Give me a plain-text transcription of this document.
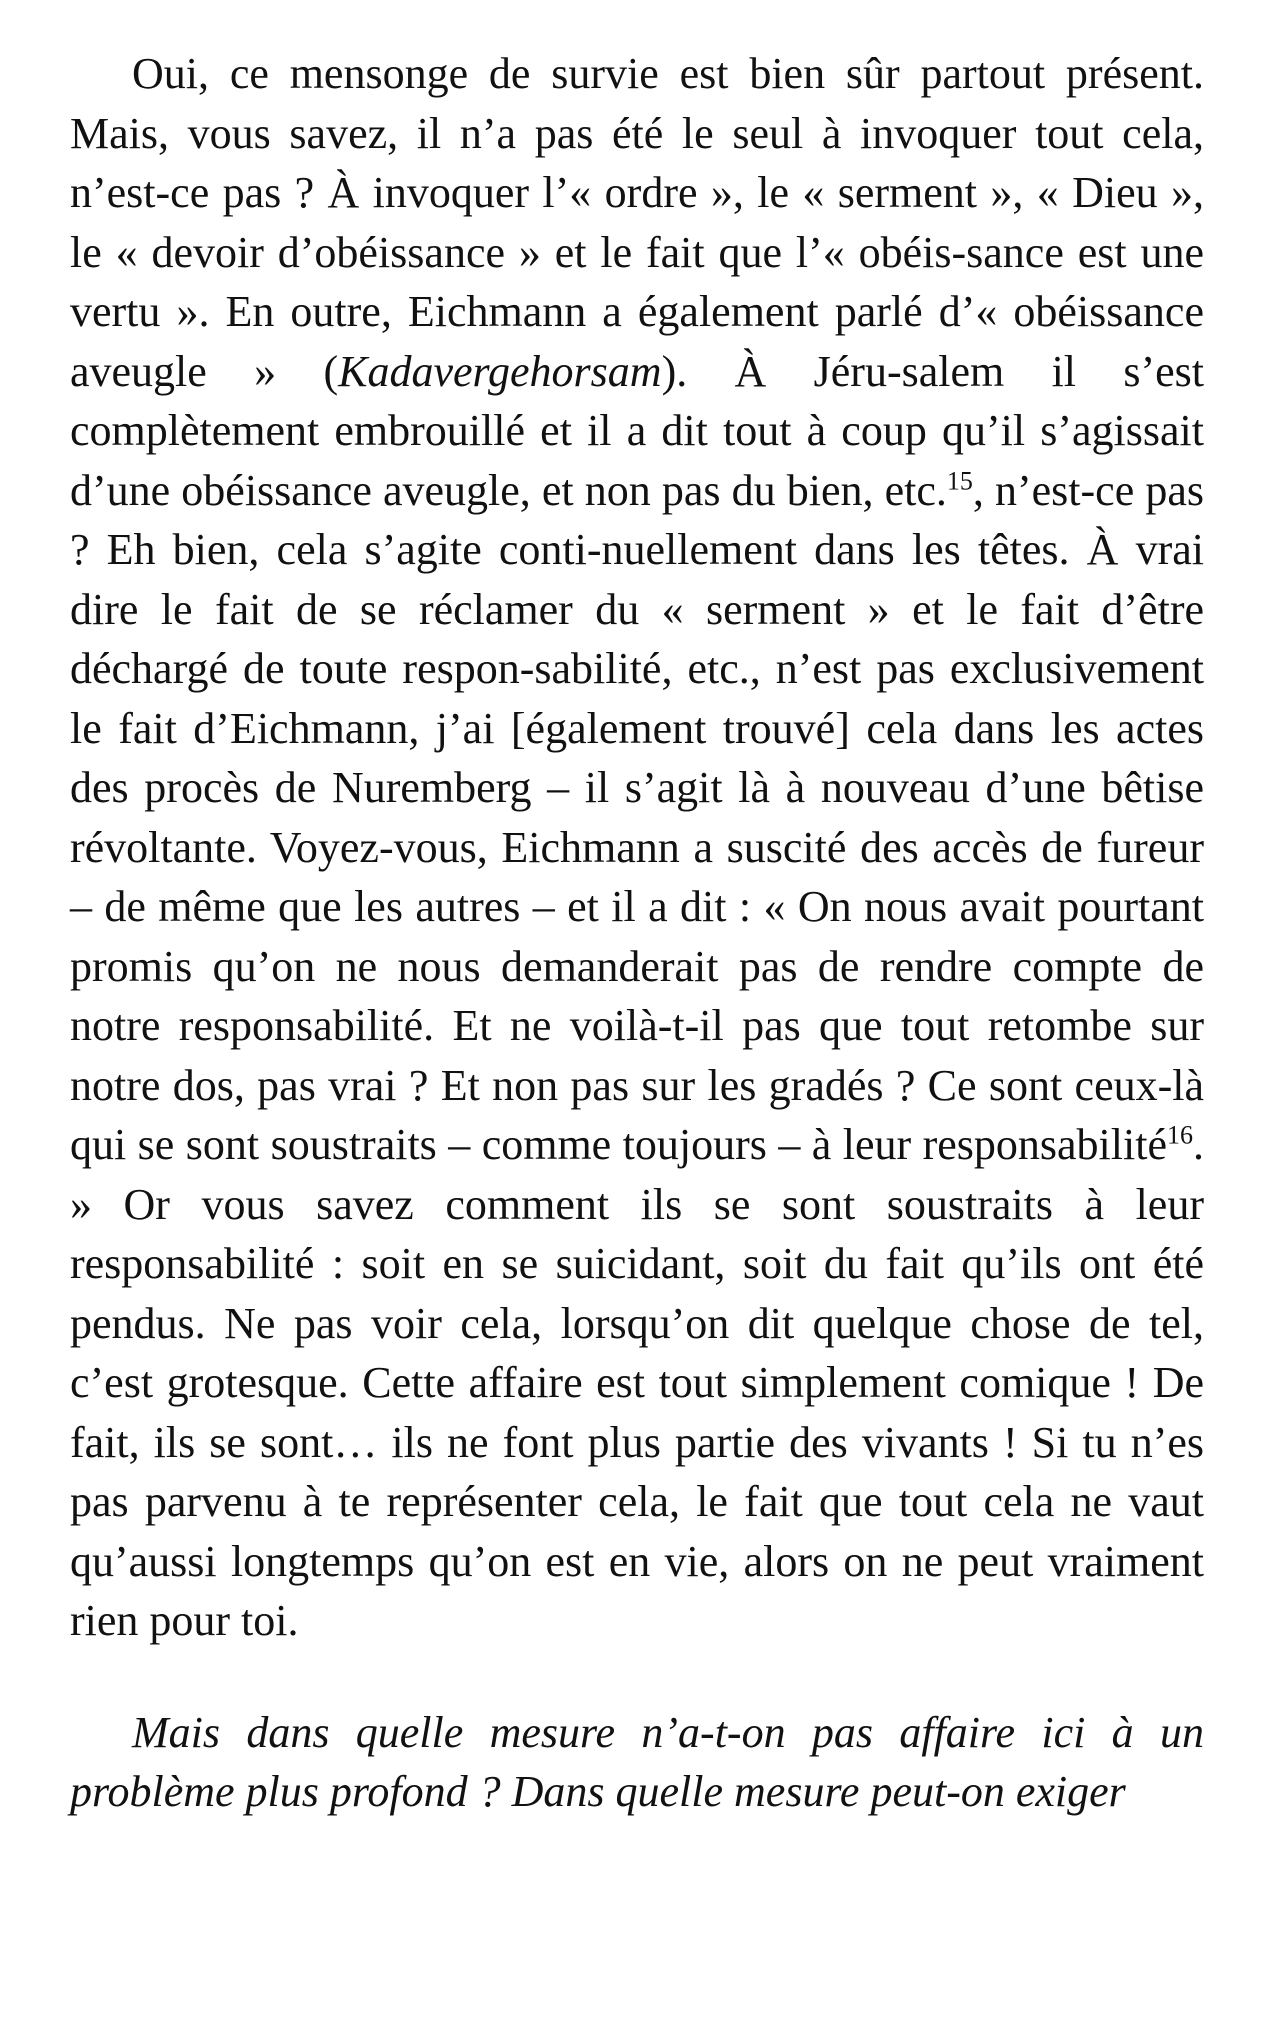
Oui, ce mensonge de survie est bien sûr partout présent. Mais, vous savez, il n’a pas été le seul à invoquer tout cela, n’est-ce pas ? À invoquer l’« ordre », le « serment », « Dieu », le « devoir d’obéissance » et le fait que l’« obéis-sance est une vertu ». En outre, Eichmann a également parlé d’« obéissance aveugle » (Kadavergehorsam). À Jéru-salem il s’est complètement embrouillé et il a dit tout à coup qu’il s’agissait d’une obéissance aveugle, et non pas du bien, etc.$^{15}$, n’est-ce pas ? Eh bien, cela s’agite conti-nuellement dans les têtes. À vrai dire le fait de se réclamer du « serment » et le fait d’être déchargé de toute respon-sabilité, etc., n’est pas exclusivement le fait d’Eichmann, j’ai [également trouvé] cela dans les actes des procès de Nuremberg – il s’agit là à nouveau d’une bêtise révoltante. Voyez-vous, Eichmann a suscité des accès de fureur – de même que les autres – et il a dit : « On nous avait pourtant promis qu’on ne nous demanderait pas de rendre compte de notre responsabilité. Et ne voilà-t-il pas que tout retombe sur notre dos, pas vrai ? Et non pas sur les gradés ? Ce sont ceux-là qui se sont soustraits – comme toujours – à leur responsabilité$^{16}$. » Or vous savez comment ils se sont soustraits à leur responsabilité : soit en se suicidant, soit du fait qu’ils ont été pendus. Ne pas voir cela, lorsqu’on dit quelque chose de tel, c’est grotesque. Cette affaire est tout simplement comique ! De fait, ils se sont… ils ne font plus partie des vivants ! Si tu n’es pas parvenu à te représenter cela, le fait que tout cela ne vaut qu’aussi longtemps qu’on est en vie, alors on ne peut vraiment rien pour toi.

Mais dans quelle mesure n’a-t-on pas affaire ici à un problème plus profond ? Dans quelle mesure peut-on exiger
